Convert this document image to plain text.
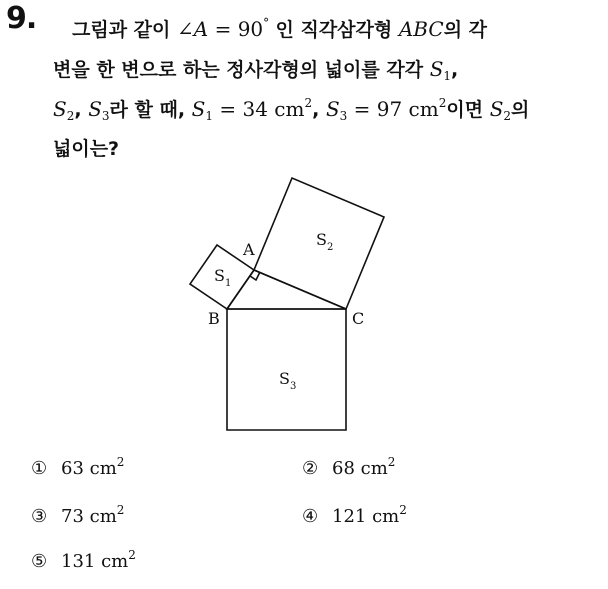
9.	그림과 같이 ∠A = 90° 인 직각삼각형 ABC의 각
변을 한 변으로 하는 정사각형의 넓이를 각각 $S_1$,
$S_2$, $S_3$라 할 때, $S_1 = 34$ $cm^2$, $S_3 = 97$ $cm^2$이면 $S_2$의
넓이는?
A
B	C
$S_1$
$S_2$
$S_3$
① 63 $cm^2$	② 68 $cm^2$
③ 73 $cm^2$	④ 121 $cm^2$
⑤ 131 $cm^2$
